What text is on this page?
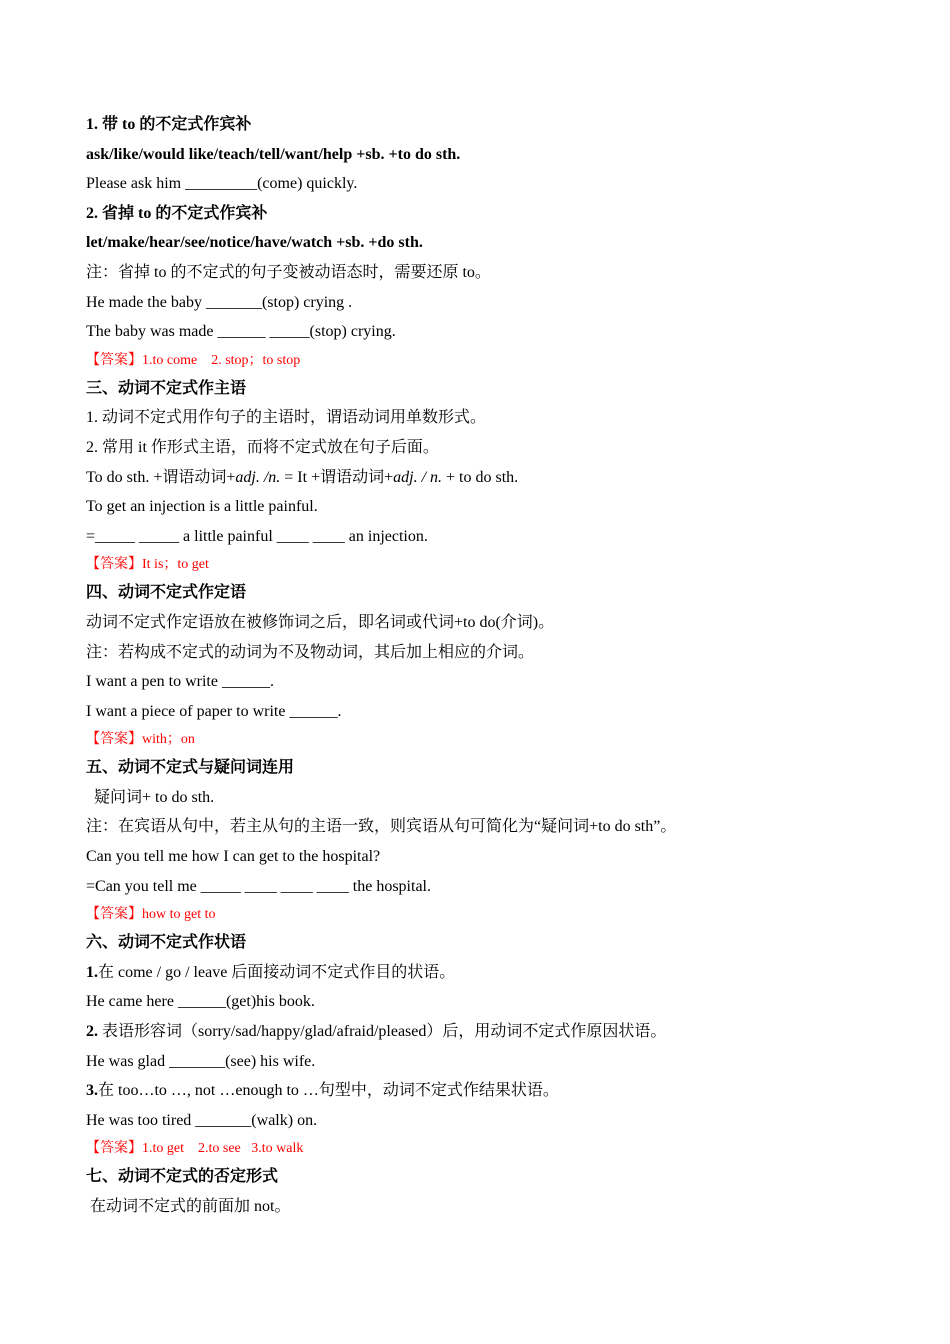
1. 带 to 的不定式作宾补
ask/like/would like/teach/tell/want/help +sb. +to do sth.
Please ask him _________(come) quickly.
2. 省掉 to 的不定式作宾补
let/make/hear/see/notice/have/watch +sb. +do sth.
注：省掉 to 的不定式的句子变被动语态时，需要还原 to。
He made the baby _______(stop) crying .
The baby was made ______ _____(stop) crying.
【答案】1.to come    2. stop；to stop
三、动词不定式作主语
1. 动词不定式用作句子的主语时，谓语动词用单数形式。
2. 常用 it 作形式主语，而将不定式放在句子后面。
To do sth. +谓语动词+adj. /n. = It +谓语动词+adj. / n. + to do sth.
To get an injection is a little painful.
=_____ _____ a little painful ____ ____ an injection.
【答案】It is；to get
四、动词不定式作定语
动词不定式作定语放在被修饰词之后，即名词或代词+to do(介词)。
注：若构成不定式的动词为不及物动词，其后加上相应的介词。
I want a pen to write ______.
I want a piece of paper to write ______.
【答案】with；on
五、动词不定式与疑问词连用
疑问词+ to do sth.
注：在宾语从句中，若主从句的主语一致，则宾语从句可简化为“疑问词+to do sth”。
Can you tell me how I can get to the hospital?
=Can you tell me _____ ____ ____ ____ the hospital.
【答案】how to get to
六、动词不定式作状语
1.在 come / go / leave 后面接动词不定式作目的状语。
He came here ______(get)his book.
2. 表语形容词（sorry/sad/happy/glad/afraid/pleased）后，用动词不定式作原因状语。
He was glad _______(see) his wife.
3.在 too…to …, not …enough to …句型中，动词不定式作结果状语。
He was too tired _______(walk) on.
【答案】1.to get    2.to see   3.to walk
七、动词不定式的否定形式
在动词不定式的前面加 not。
